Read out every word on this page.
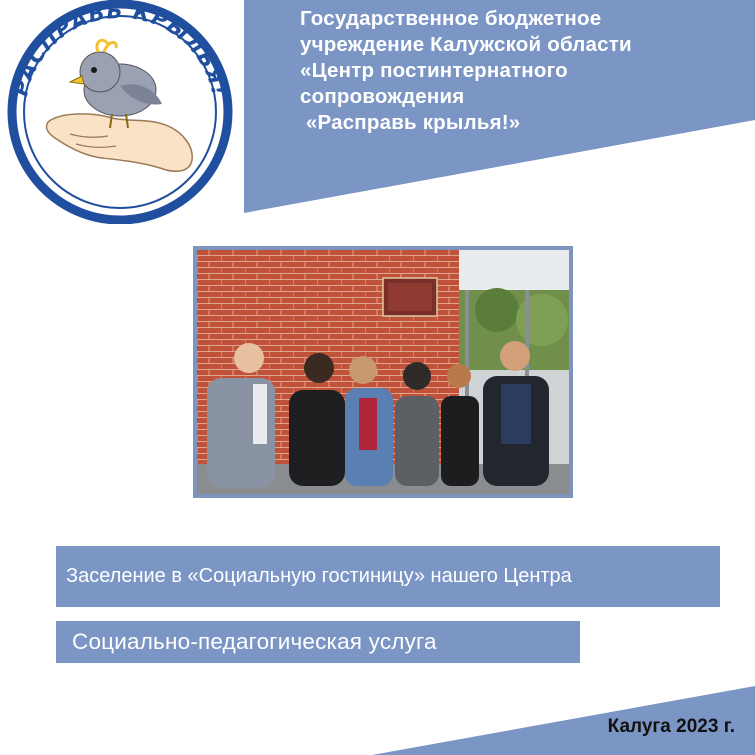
Государственное бюджетное
учреждение Калужской области
«Центр постинтернатного
сопровождения
«Расправь крылья!»
РАСПРАВЬ КРЫЛЬЯ!
Заселение в «Социальную гостиницу» нашего Центра
Социально-педагогическая услуга
Калуга 2023 г.
